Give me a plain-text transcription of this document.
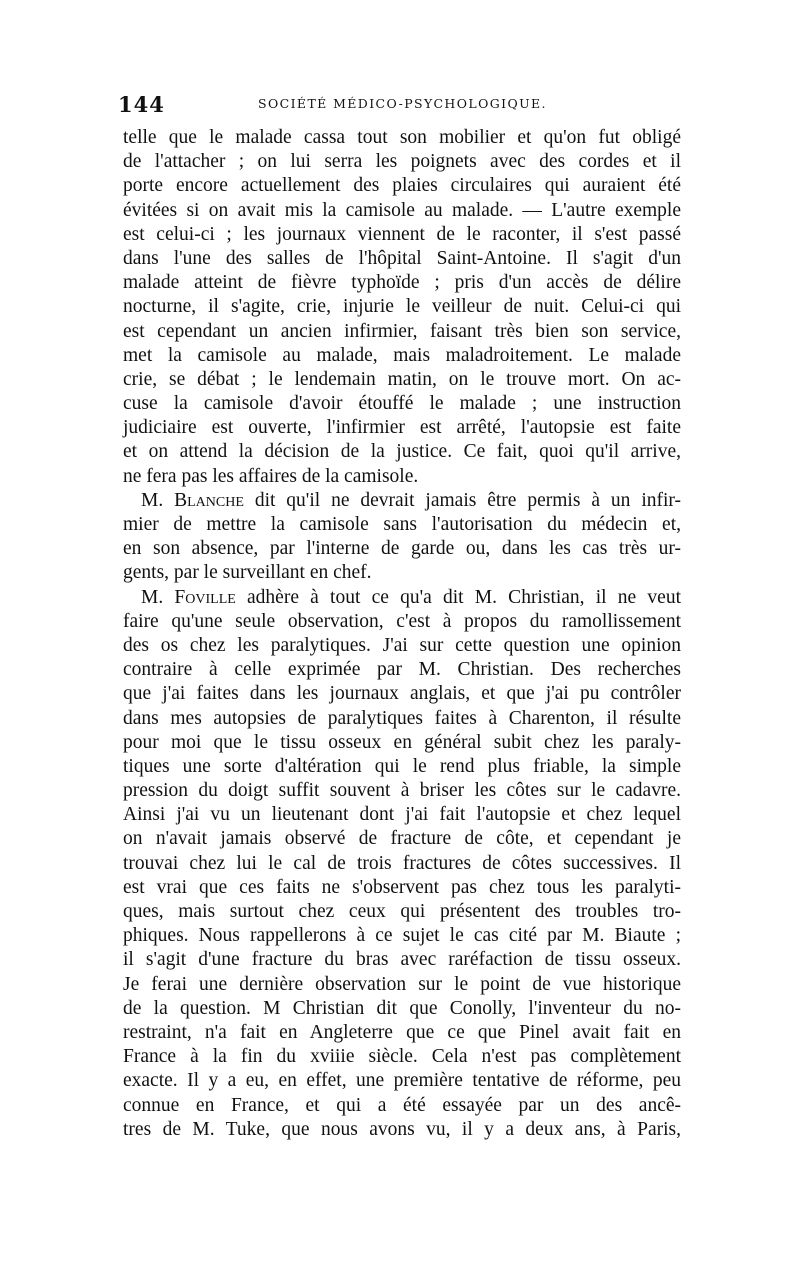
144	SOCIÉTÉ MÉDICO-PSYCHOLOGIQUE.
telle que le malade cassa tout son mobilier et qu'on fut obligé
de l'attacher ; on lui serra les poignets avec des cordes et il
porte encore actuellement des plaies circulaires qui auraient été
évitées si on avait mis la camisole au malade. — L'autre exemple
est celui-ci ; les journaux viennent de le raconter, il s'est passé
dans l'une des salles de l'hôpital Saint-Antoine. Il s'agit d'un
malade atteint de fièvre typhoïde ; pris d'un accès de délire
nocturne, il s'agite, crie, injurie le veilleur de nuit. Celui-ci qui
est cependant un ancien infirmier, faisant très bien son service,
met la camisole au malade, mais maladroitement. Le malade
crie, se débat ; le lendemain matin, on le trouve mort. On ac-
cuse la camisole d'avoir étouffé le malade ; une instruction
judiciaire est ouverte, l'infirmier est arrêté, l'autopsie est faite
et on attend la décision de la justice. Ce fait, quoi qu'il arrive,
ne fera pas les affaires de la camisole.
M. Blanche dit qu'il ne devrait jamais être permis à un infir-
mier de mettre la camisole sans l'autorisation du médecin et,
en son absence, par l'interne de garde ou, dans les cas très ur-
gents, par le surveillant en chef.
M. Foville adhère à tout ce qu'a dit M. Christian, il ne veut
faire qu'une seule observation, c'est à propos du ramollissement
des os chez les paralytiques. J'ai sur cette question une opinion
contraire à celle exprimée par M. Christian. Des recherches
que j'ai faites dans les journaux anglais, et que j'ai pu contrôler
dans mes autopsies de paralytiques faites à Charenton, il résulte
pour moi que le tissu osseux en général subit chez les paraly-
tiques une sorte d'altération qui le rend plus friable, la simple
pression du doigt suffit souvent à briser les côtes sur le cadavre.
Ainsi j'ai vu un lieutenant dont j'ai fait l'autopsie et chez lequel
on n'avait jamais observé de fracture de côte, et cependant je
trouvai chez lui le cal de trois fractures de côtes successives. Il
est vrai que ces faits ne s'observent pas chez tous les paralyti-
ques, mais surtout chez ceux qui présentent des troubles tro-
phiques. Nous rappellerons à ce sujet le cas cité par M. Biaute ;
il s'agit d'une fracture du bras avec raréfaction de tissu osseux.
Je ferai une dernière observation sur le point de vue historique
de la question. M Christian dit que Conolly, l'inventeur du no-
restraint, n'a fait en Angleterre que ce que Pinel avait fait en
France à la fin du xviiie siècle. Cela n'est pas complètement
exacte. Il y a eu, en effet, une première tentative de réforme, peu
connue en France, et qui a été essayée par un des ancê-
tres de M. Tuke, que nous avons vu, il y a deux ans, à Paris,
